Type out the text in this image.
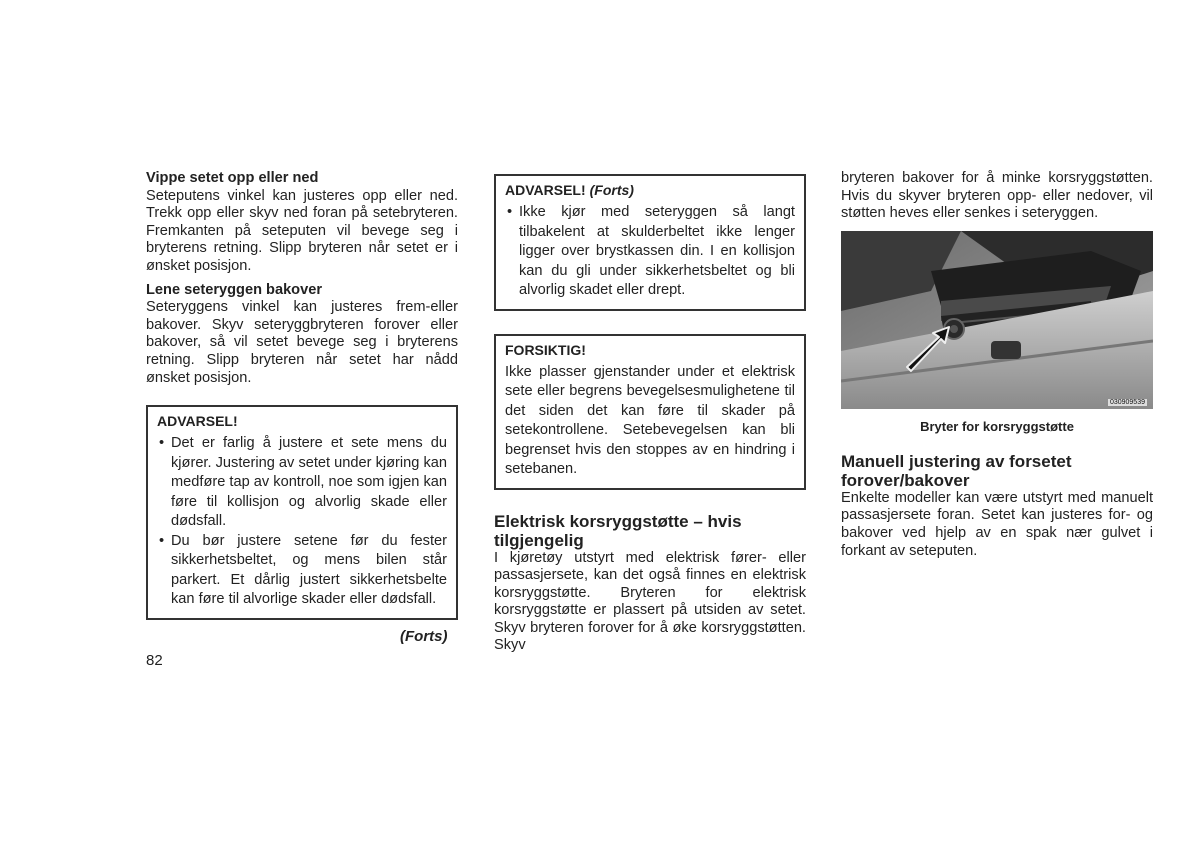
Vippe setet opp eller ned

Seteputens vinkel kan justeres opp eller ned. Trekk opp eller skyv ned foran på setebryteren. Fremkanten på seteputen vil bevege seg i bryterens retning. Slipp bryteren når setet er i ønsket posisjon.

Lene seteryggen bakover

Seteryggens vinkel kan justeres frem-eller bakover. Skyv seteryggbryteren forover eller bakover, så vil setet bevege seg i bryterens retning. Slipp bryteren når setet har nådd ønsket posisjon.

ADVARSEL!

• Det er farlig å justere et sete mens du kjører. Justering av setet under kjøring kan medføre tap av kontroll, noe som igjen kan føre til kollisjon og alvorlig skade eller dødsfall.
• Du bør justere setene før du fester sikkerhetsbeltet, og mens bilen står parkert. Et dårlig justert sikkerhetsbelte kan føre til alvorlige skader eller dødsfall.
(Forts)
82

ADVARSEL! (Forts)

• Ikke kjør med seteryggen så langt tilbakelent at skulderbeltet ikke lenger ligger over brystkassen din. I en kollisjon kan du gli under sikkerhetsbeltet og bli alvorlig skadet eller drept.

FORSIKTIG!

Ikke plasser gjenstander under et elektrisk sete eller begrens bevegelsesmulighetene til det siden det kan føre til skader på setekontrollene. Setebevegelsen kan bli begrenset hvis den stoppes av en hindring i setebanen.

Elektrisk korsryggstøtte – hvis tilgjengelig

I kjøretøy utstyrt med elektrisk fører- eller passasjersete, kan det også finnes en elektrisk korsryggstøtte. Bryteren for elektrisk korsryggstøtte er plassert på utsiden av setet. Skyv bryteren forover for å øke korsryggstøtten. Skyv

bryteren bakover for å minke korsryggstøtten. Hvis du skyver bryteren opp- eller nedover, vil støtten heves eller senkes i seteryggen.

030909539
Bryter for korsryggstøtte

Manuell justering av forsetet forover/bakover

Enkelte modeller kan være utstyrt med manuelt passasjersete foran. Setet kan justeres for- og bakover ved hjelp av en spak nær gulvet i forkant av seteputen.
